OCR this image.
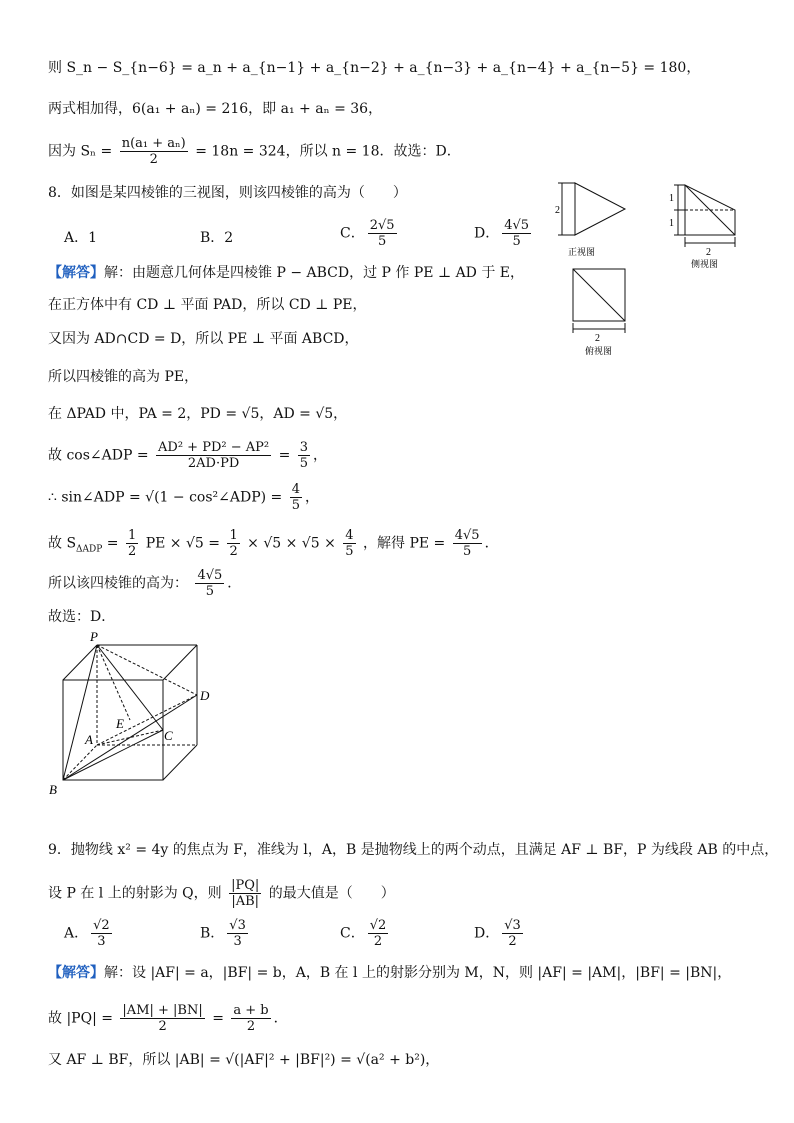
则 S_n − S_{n−6} = a_n + a_{n−1} + a_{n−2} + a_{n−3} + a_{n−4} + a_{n−5} = 180，
两式相加得，6(a₁ + aₙ) = 216，即 a₁ + aₙ = 36，
因为 $S_n = \frac{\text{n(a₁ + aₙ)}}{2} = 18n = 324$，所以 n = 18．故选：D．
8．如图是某四棱锥的三视图，则该四棱锥的高为（　　）
A．1	B．2	C． $\frac{2√5}{5}$	D． $\frac{4√5}{5}$
【解答】解：由题意几何体是四棱锥 P − ABCD，过 P 作 PE ⊥ AD 于 E，
在正方体中有 CD ⊥ 平面 PAD，所以 CD ⊥ PE，
又因为 AD∩CD = D，所以 PE ⊥ 平面 ABCD，
所以四棱锥的高为 PE，
在 ΔPAD 中，PA = 2，PD = √5，AD = √5，
故 cos∠ADP = $\frac{\text{AD² + PD² − AP²}}{2AD\cdot PD} = \frac{3}{5}$ ，
∴ sin∠ADP = √(1 − cos²∠ADP) = $\frac{4}{5}$ ，
故 $S_{\Delta ADP} = \frac{1}{2}$ PE × $√5 = \frac{1}{2} \times √5 \times √5 \times \frac{4}{5}$ ，解得 PE = $\frac{4√5}{5}$ ．
所以该四棱锥的高为： $\frac{4√5}{5}$ ．
故选：D．
2
正视图
1
1
2
侧视图
2
俯视图
P
D
E
A	C
B
9．抛物线 x² = 4y 的焦点为 F，准线为 l，A，B 是抛物线上的两个动点，且满足 AF ⊥ BF，P 为线段 AB 的中点，
设 P 在 l 上的射影为 Q，则 $\frac{|PQ|}{|AB|}$ 的最大值是（　　）
A． $\frac{√2}{3}$	B． $\frac{√3}{3}$	C． $\frac{√2}{2}$	D． $\frac{√3}{2}$
【解答】解：设 |AF| = a，|BF| = b，A，B 在 l 上的射影分别为 M，N，则 |AF| = |AM|，|BF| = |BN|，
故 $|PQ| = \frac{|AM| + |BN|}{2} = \frac{a + b}{2}$ ．
又 AF ⊥ BF，所以 |AB| = √(|AF|² + |BF|²) = √(a² + b²)，
